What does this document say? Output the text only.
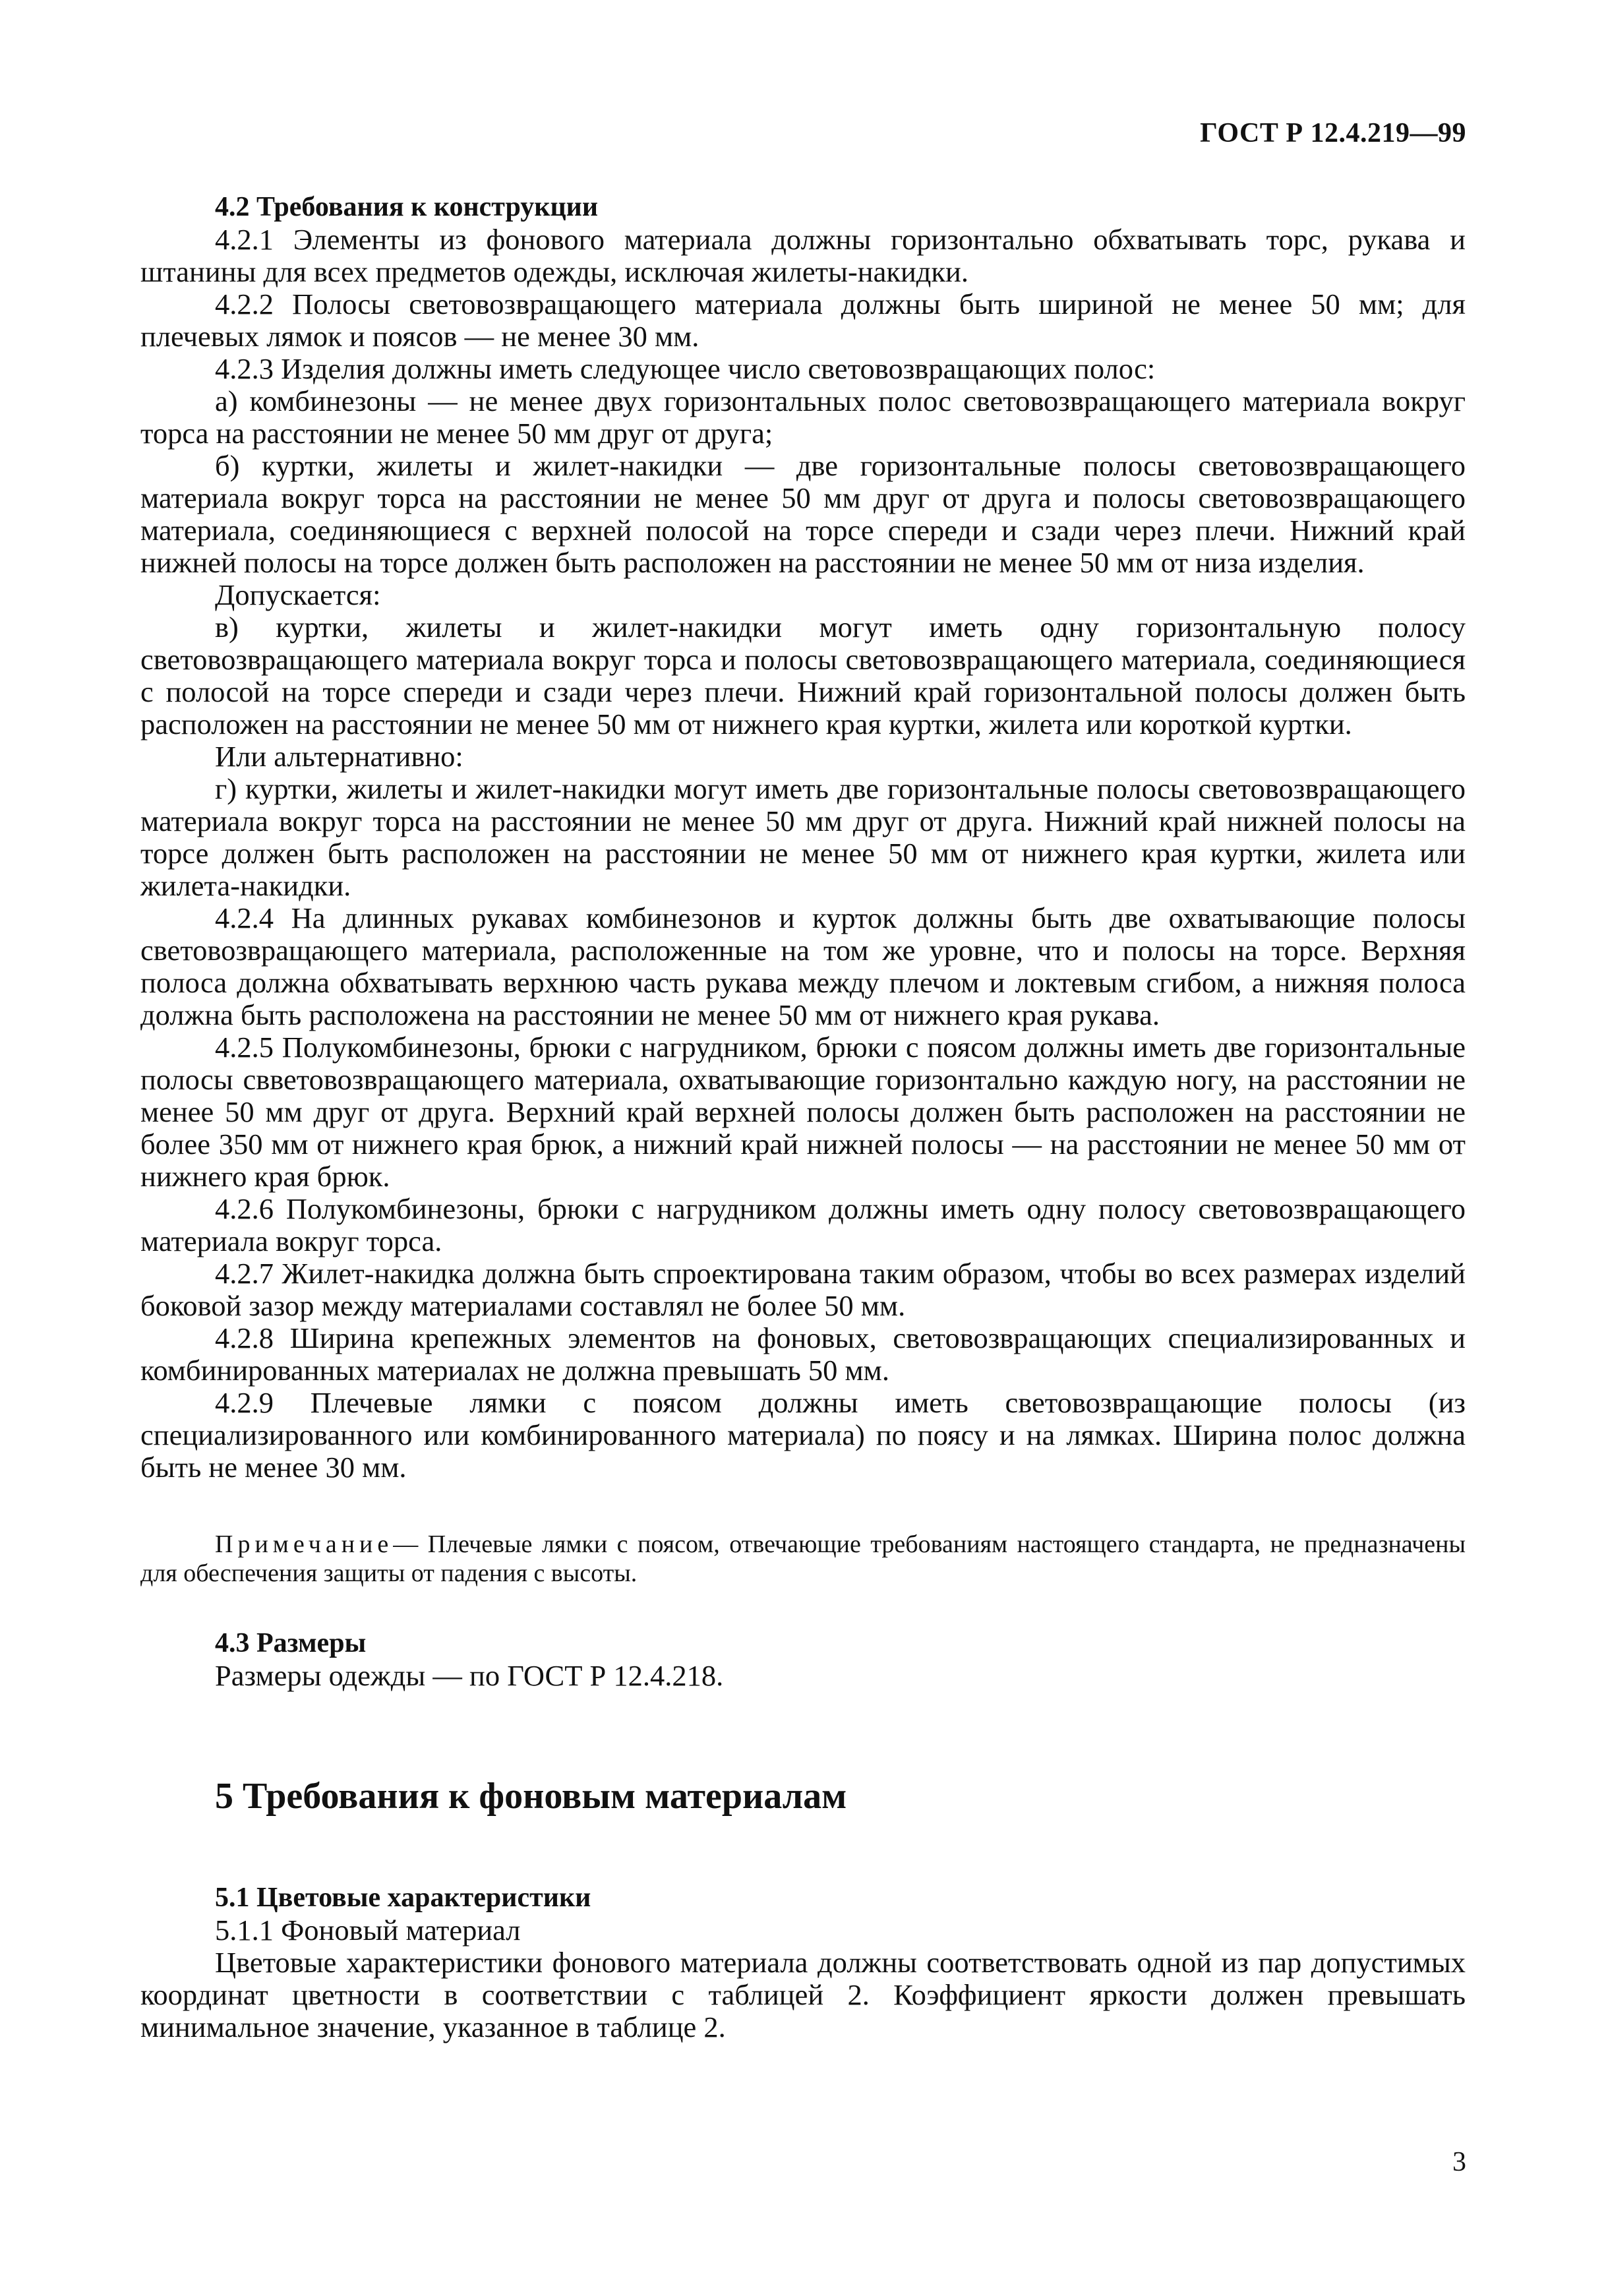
ГОСТ Р 12.4.219—99
4.2 Требования к конструкции

4.2.1 Элементы из фонового материала должны горизонтально обхватывать торс, рукава и штанины для всех предметов одежды, исключая жилеты-накидки.

4.2.2 Полосы световозвращающего материала должны быть шириной не менее 50 мм; для плечевых лямок и поясов — не менее 30 мм.

4.2.3 Изделия должны иметь следующее число световозвращающих полос:

а) комбинезоны — не менее двух горизонтальных полос световозвращающего материала вокруг торса на расстоянии не менее 50 мм друг от друга;

б) куртки, жилеты и жилет-накидки — две горизонтальные полосы световозвращающего материала вокруг торса на расстоянии не менее 50 мм друг от друга и полосы световозвращающего материала, соединяющиеся с верхней полосой на торсе спереди и сзади через плечи. Нижний край нижней полосы на торсе должен быть расположен на расстоянии не менее 50 мм от низа изделия.

Допускается:

в) куртки, жилеты и жилет-накидки могут иметь одну горизонтальную полосу световозвращающего материала вокруг торса и полосы световозвращающего материала, соединяющиеся с полосой на торсе спереди и сзади через плечи. Нижний край горизонтальной полосы должен быть расположен на расстоянии не менее 50 мм от нижнего края куртки, жилета или короткой куртки.

Или альтернативно:

г) куртки, жилеты и жилет-накидки могут иметь две горизонтальные полосы световозвращающего материала вокруг торса на расстоянии не менее 50 мм друг от друга. Нижний край нижней полосы на торсе должен быть расположен на расстоянии не менее 50 мм от нижнего края куртки, жилета или жилета-накидки.

4.2.4 На длинных рукавах комбинезонов и курток должны быть две охватывающие полосы световозвращающего материала, расположенные на том же уровне, что и полосы на торсе. Верхняя полоса должна обхватывать верхнюю часть рукава между плечом и локтевым сгибом, а нижняя полоса должна быть расположена на расстоянии не менее 50 мм от нижнего края рукава.

4.2.5 Полукомбинезоны, брюки с нагрудником, брюки с поясом должны иметь две горизонтальные полосы свветовозвращающего материала, охватывающие горизонтально каждую ногу, на расстоянии не менее 50 мм друг от друга. Верхний край верхней полосы должен быть расположен на расстоянии не более 350 мм от нижнего края брюк, а нижний край нижней полосы — на расстоянии не менее 50 мм от нижнего края брюк.

4.2.6 Полукомбинезоны, брюки с нагрудником должны иметь одну полосу световозвращающего материала вокруг торса.

4.2.7 Жилет-накидка должна быть спроектирована таким образом, чтобы во всех размерах изделий боковой зазор между материалами составлял не более 50 мм.

4.2.8 Ширина крепежных элементов на фоновых, световозвращающих специализированных и комбинированных материалах не должна превышать 50 мм.

4.2.9 Плечевые лямки с поясом должны иметь световозвращающие полосы (из специализированного или комбинированного материала) по поясу и на лямках. Ширина полос должна быть не менее 30 мм.

Примечание— Плечевые лямки с поясом, отвечающие требованиям настоящего стандарта, не предназначены для обеспечения защиты от падения с высоты.
4.3 Размеры

Размеры одежды — по ГОСТ Р 12.4.218.

5 Требования к фоновым материалам
5.1 Цветовые характеристики

5.1.1 Фоновый материал

Цветовые характеристики фонового материала должны соответствовать одной из пар допустимых координат цветности в соответствии с таблицей 2. Коэффициент яркости должен превышать минимальное значение, указанное в таблице 2.

3
